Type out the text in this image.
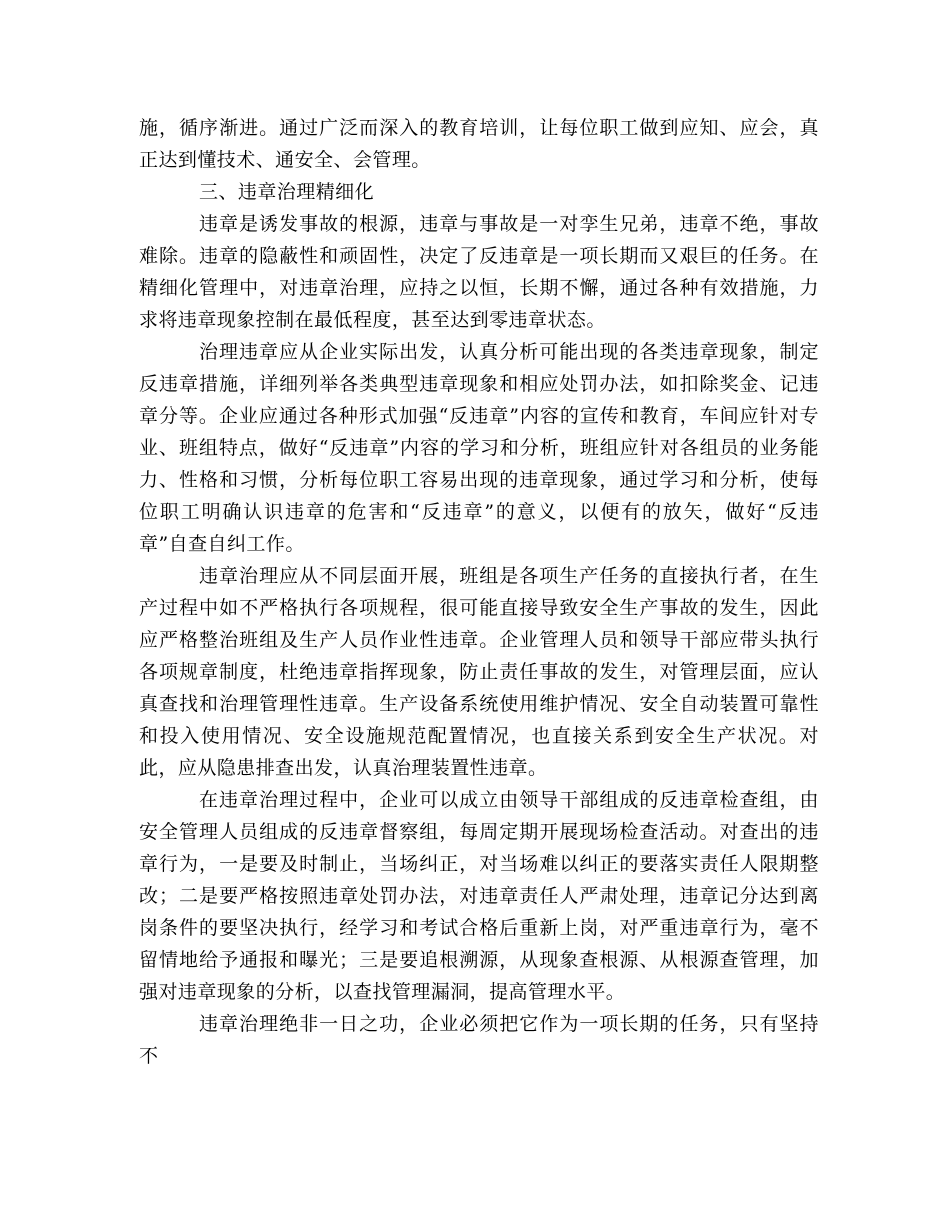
施，循序渐进。通过广泛而深入的教育培训，让每位职工做到应知、应会，真正达到懂技术、通安全、会管理。

三、违章治理精细化

违章是诱发事故的根源，违章与事故是一对孪生兄弟，违章不绝，事故难除。违章的隐蔽性和顽固性，决定了反违章是一项长期而又艰巨的任务。在精细化管理中，对违章治理，应持之以恒，长期不懈，通过各种有效措施，力求将违章现象控制在最低程度，甚至达到零违章状态。

治理违章应从企业实际出发，认真分析可能出现的各类违章现象，制定反违章措施，详细列举各类典型违章现象和相应处罚办法，如扣除奖金、记违章分等。企业应通过各种形式加强“反违章”内容的宣传和教育，车间应针对专业、班组特点，做好“反违章”内容的学习和分析，班组应针对各组员的业务能力、性格和习惯，分析每位职工容易出现的违章现象，通过学习和分析，使每位职工明确认识违章的危害和“反违章”的意义，以便有的放矢，做好“反违章”自查自纠工作。

违章治理应从不同层面开展，班组是各项生产任务的直接执行者，在生产过程中如不严格执行各项规程，很可能直接导致安全生产事故的发生，因此应严格整治班组及生产人员作业性违章。企业管理人员和领导干部应带头执行各项规章制度，杜绝违章指挥现象，防止责任事故的发生，对管理层面，应认真查找和治理管理性违章。生产设备系统使用维护情况、安全自动装置可靠性和投入使用情况、安全设施规范配置情况，也直接关系到安全生产状况。对此，应从隐患排查出发，认真治理装置性违章。

在违章治理过程中，企业可以成立由领导干部组成的反违章检查组，由安全管理人员组成的反违章督察组，每周定期开展现场检查活动。对查出的违章行为，一是要及时制止，当场纠正，对当场难以纠正的要落实责任人限期整改；二是要严格按照违章处罚办法，对违章责任人严肃处理，违章记分达到离岗条件的要坚决执行，经学习和考试合格后重新上岗，对严重违章行为，毫不留情地给予通报和曝光；三是要追根溯源，从现象查根源、从根源查管理，加强对违章现象的分析，以查找管理漏洞，提高管理水平。

违章治理绝非一日之功，企业必须把它作为一项长期的任务，只有坚持不
